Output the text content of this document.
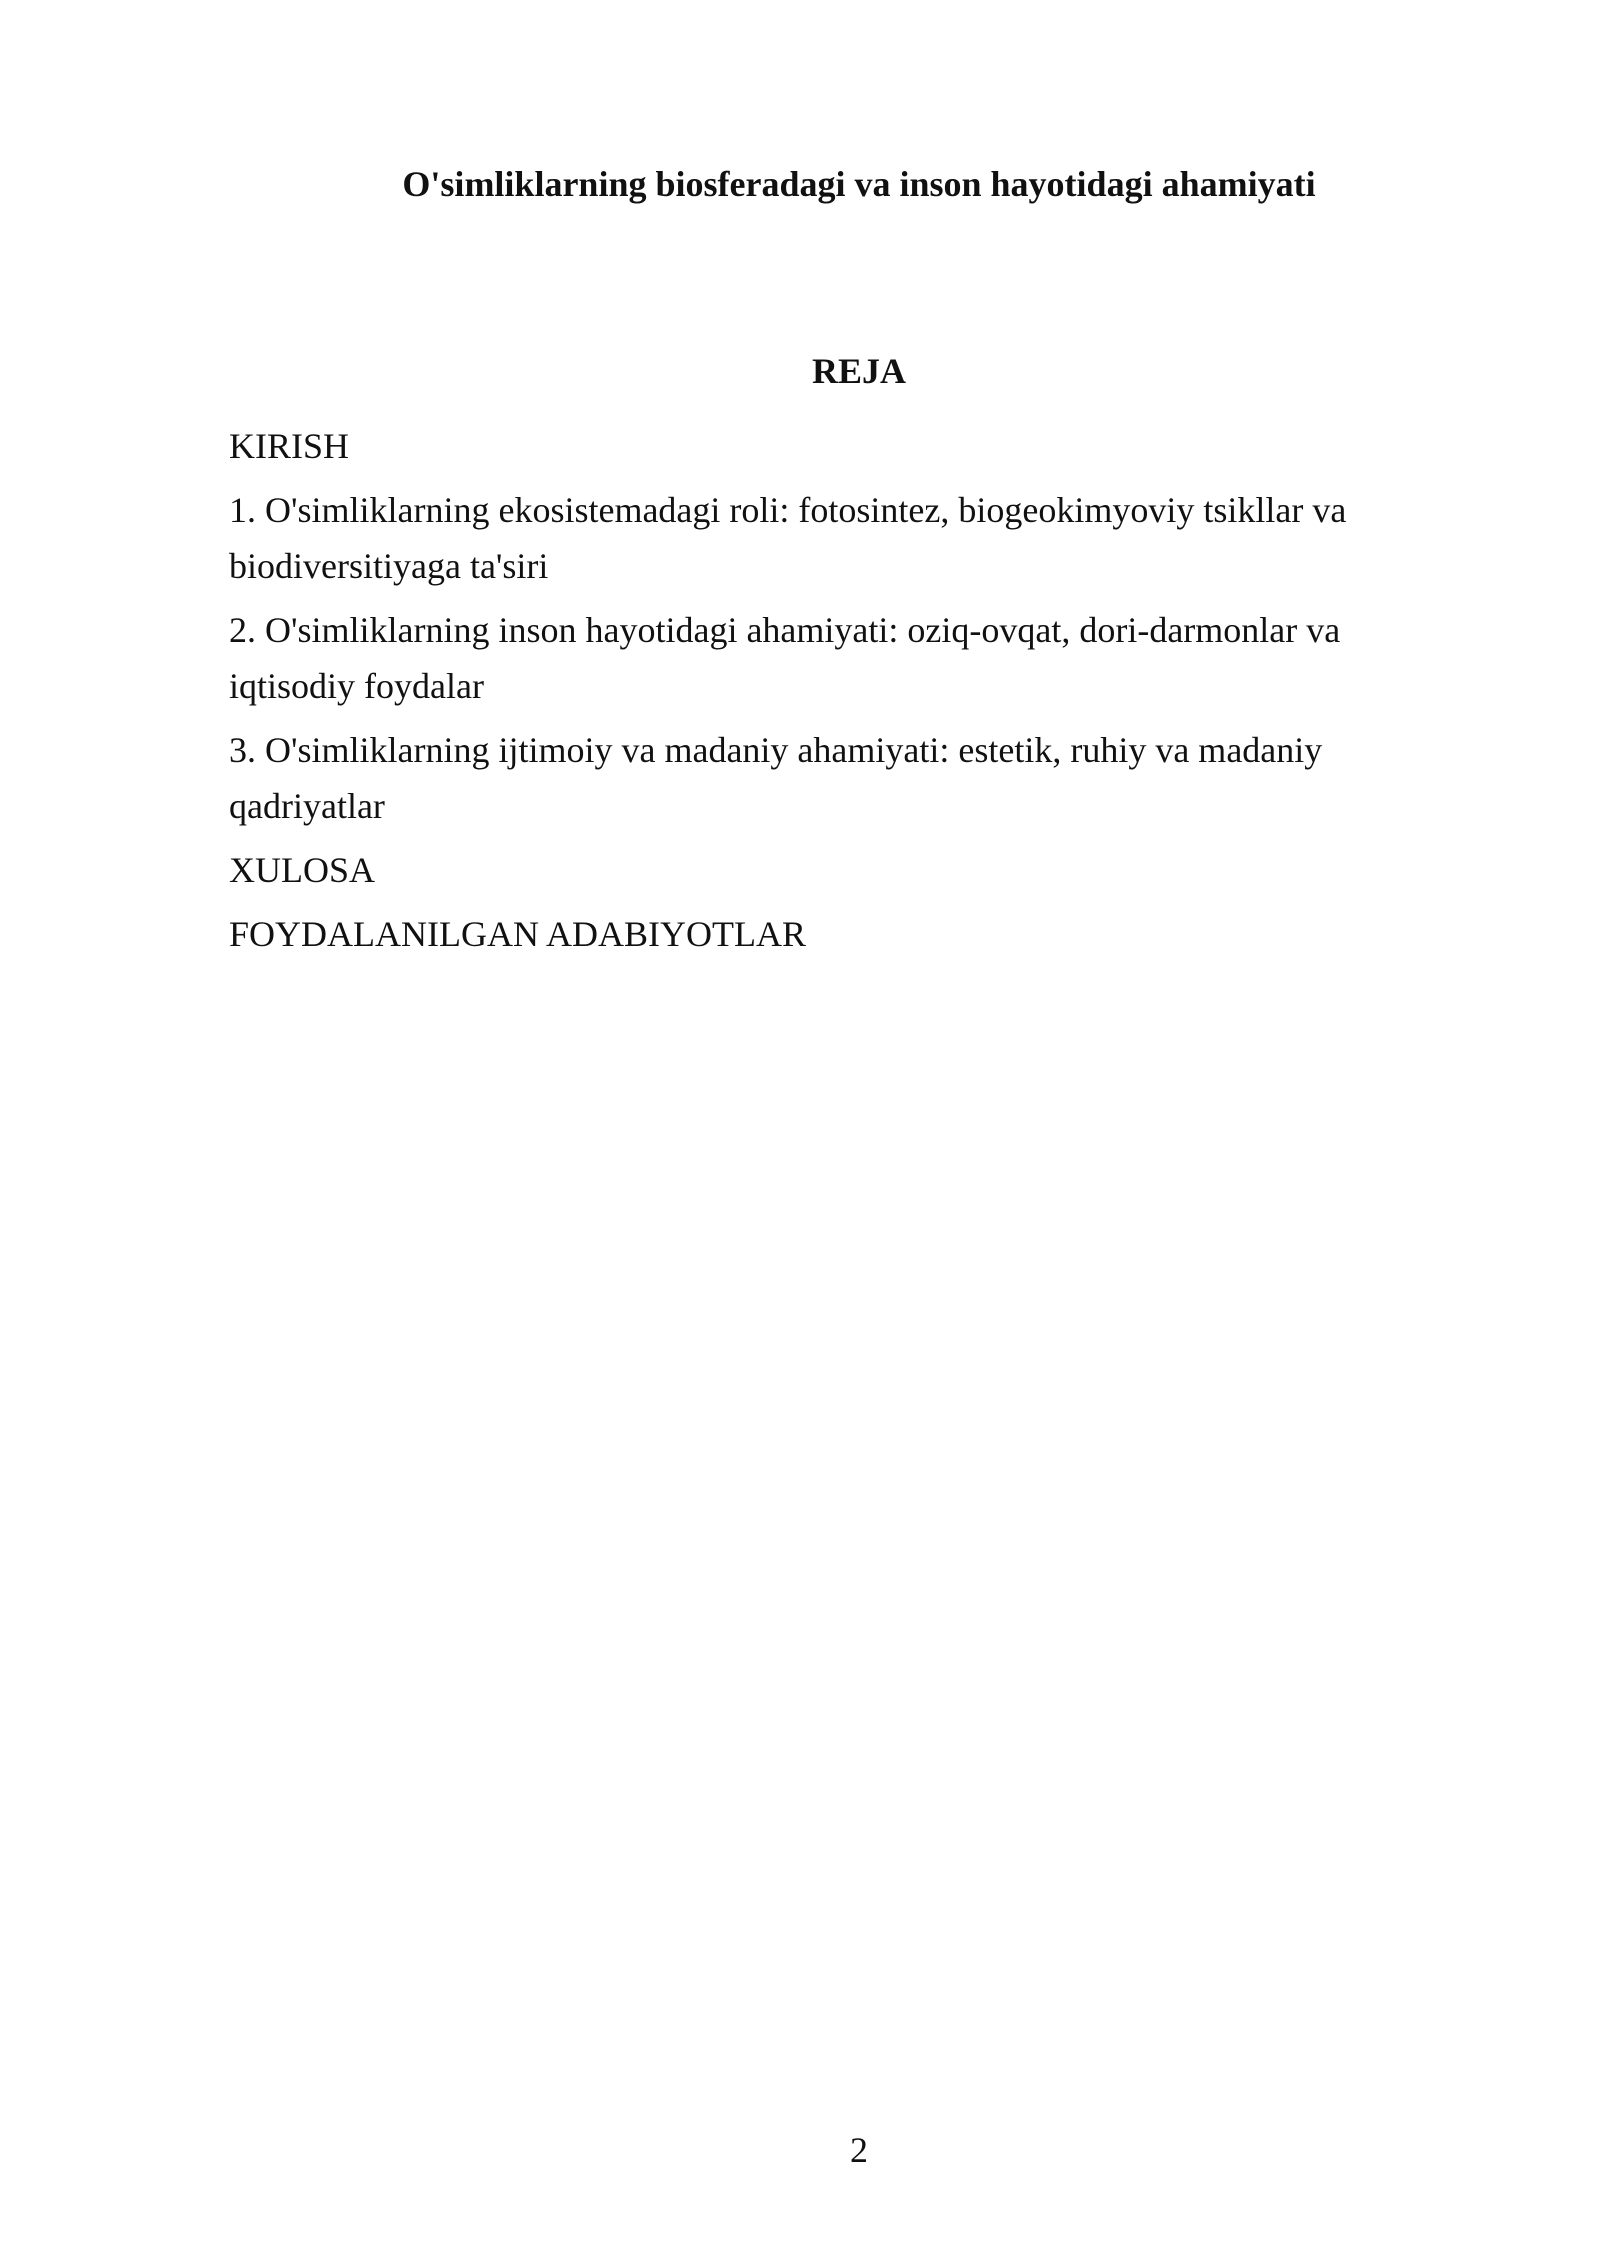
O'simliklarning biosferadagi va inson hayotidagi ahamiyati
REJA
KIRISH
1. O'simliklarning ekosistemadagi roli: fotosintez, biogeokimyoviy tsikllar va biodiversitiyaga ta'siri
2. O'simliklarning inson hayotidagi ahamiyati: oziq-ovqat, dori-darmonlar va iqtisodiy foydalar
3. O'simliklarning ijtimoiy va madaniy ahamiyati: estetik, ruhiy va madaniy qadriyatlar
XULOSA
FOYDALANILGAN ADABIYOTLAR
2
